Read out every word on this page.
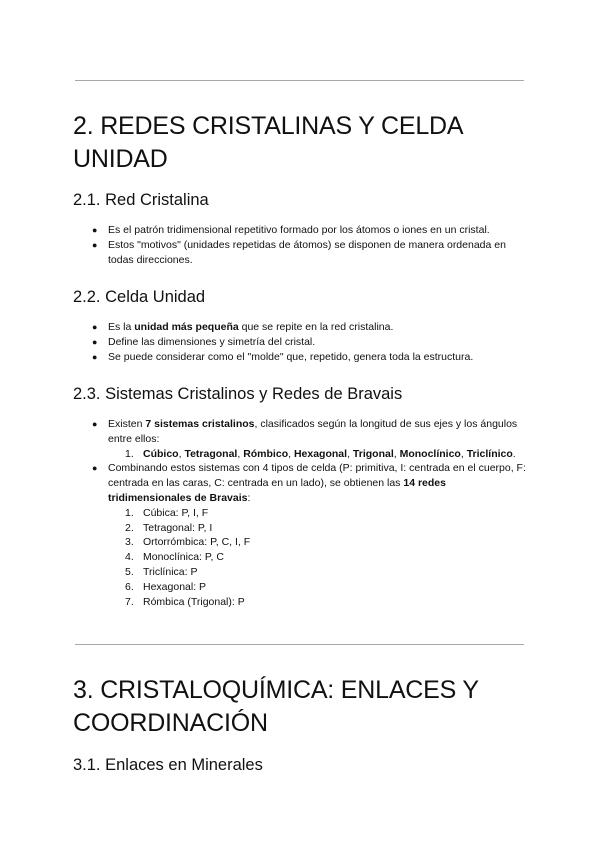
2. REDES CRISTALINAS Y CELDA UNIDAD
2.1. Red Cristalina
● Es el patrón tridimensional repetitivo formado por los átomos o iones en un cristal.
● Estos "motivos" (unidades repetidas de átomos) se disponen de manera ordenada en todas direcciones.
2.2. Celda Unidad
● Es la unidad más pequeña que se repite en la red cristalina.
● Define las dimensiones y simetría del cristal.
● Se puede considerar como el "molde" que, repetido, genera toda la estructura.
2.3. Sistemas Cristalinos y Redes de Bravais
● Existen 7 sistemas cristalinos, clasificados según la longitud de sus ejes y los ángulos entre ellos:
1. Cúbico, Tetragonal, Rómbico, Hexagonal, Trigonal, Monoclínico, Triclínico.
● Combinando estos sistemas con 4 tipos de celda (P: primitiva, I: centrada en el cuerpo, F: centrada en las caras, C: centrada en un lado), se obtienen las 14 redes tridimensionales de Bravais:
1. Cúbica: P, I, F
2. Tetragonal: P, I
3. Ortorrómbica: P, C, I, F
4. Monoclínica: P, C
5. Triclínica: P
6. Hexagonal: P
7. Rómbica (Trigonal): P
3. CRISTALOQUÍMICA: ENLACES Y COORDINACIÓN
3.1. Enlaces en Minerales
